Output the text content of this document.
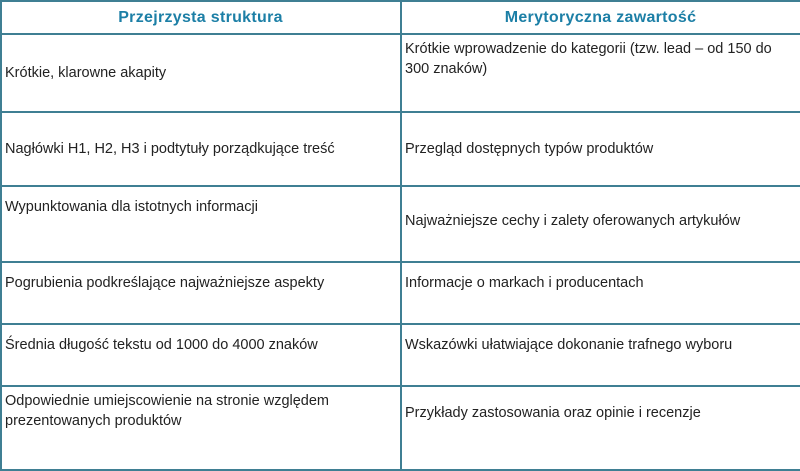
Przejrzysta struktura	Merytoryczna zawartość
Krótkie, klarowne akapity	Krótkie wprowadzenie do kategorii (tzw. lead – od 150 do 300 znaków)
Nagłówki H1, H2, H3 i podtytuły porządkujące treść	Przegląd dostępnych typów produktów
Wypunktowania dla istotnych informacji	Najważniejsze cechy i zalety oferowanych artykułów
Pogrubienia podkreślające najważniejsze aspekty	Informacje o markach i producentach
Średnia długość tekstu od 1000 do 4000 znaków	Wskazówki ułatwiające dokonanie trafnego wyboru
Odpowiednie umiejscowienie na stronie względem prezentowanych produktów	Przykłady zastosowania oraz opinie i recenzje
